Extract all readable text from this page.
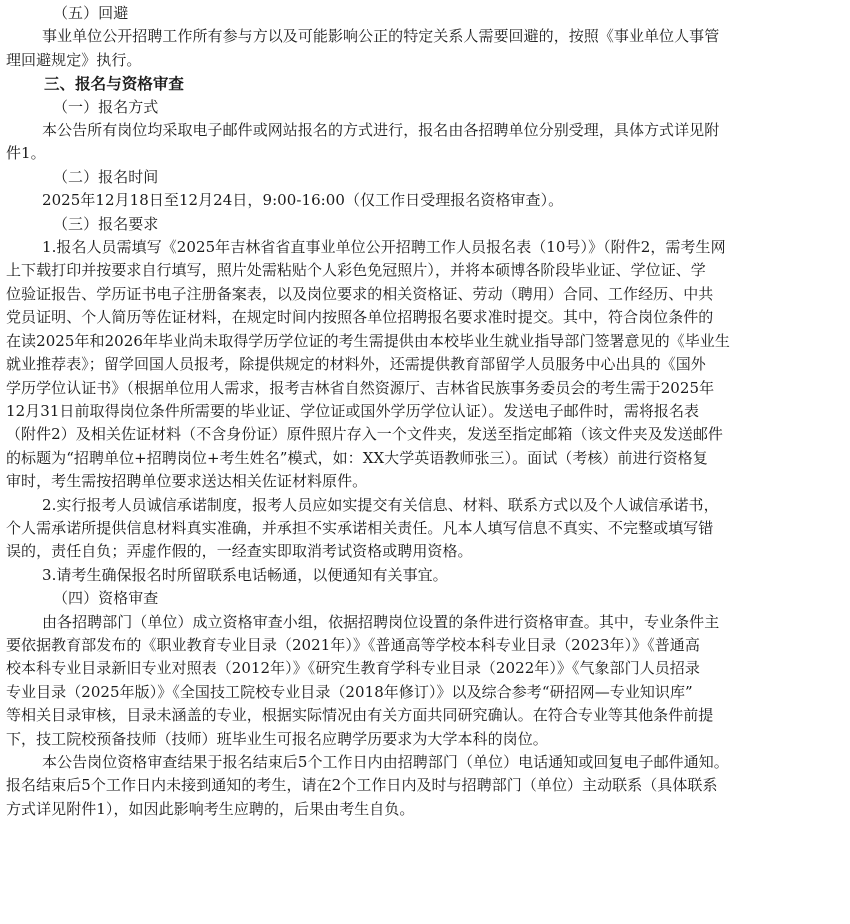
（五）回避
事业单位公开招聘工作所有参与方以及可能影响公正的特定关系人需要回避的，按照《事业单位人事管
理回避规定》执行。
三、报名与资格审查
（一）报名方式
本公告所有岗位均采取电子邮件或网站报名的方式进行，报名由各招聘单位分别受理，具体方式详见附
件1。
（二）报名时间
2025年12月18日至12月24日，9:00-16:00（仅工作日受理报名资格审查）。
（三）报名要求
1.报名人员需填写《2025年吉林省省直事业单位公开招聘工作人员报名表（10号）》（附件2，需考生网
上下载打印并按要求自行填写，照片处需粘贴个人彩色免冠照片），并将本硕博各阶段毕业证、学位证、学
位验证报告、学历证书电子注册备案表，以及岗位要求的相关资格证、劳动（聘用）合同、工作经历、中共
党员证明、个人简历等佐证材料，在规定时间内按照各单位招聘报名要求准时提交。其中，符合岗位条件的
在读2025年和2026年毕业尚未取得学历学位证的考生需提供由本校毕业生就业指导部门签署意见的《毕业生
就业推荐表》；留学回国人员报考，除提供规定的材料外，还需提供教育部留学人员服务中心出具的《国外
学历学位认证书》（根据单位用人需求，报考吉林省自然资源厅、吉林省民族事务委员会的考生需于2025年
12月31日前取得岗位条件所需要的毕业证、学位证或国外学历学位认证）。发送电子邮件时，需将报名表
（附件2）及相关佐证材料（不含身份证）原件照片存入一个文件夹，发送至指定邮箱（该文件夹及发送邮件
的标题为“招聘单位+招聘岗位+考生姓名”模式，如：XX大学英语教师张三）。面试（考核）前进行资格复
审时，考生需按招聘单位要求送达相关佐证材料原件。
2.实行报考人员诚信承诺制度，报考人员应如实提交有关信息、材料、联系方式以及个人诚信承诺书，
个人需承诺所提供信息材料真实准确，并承担不实承诺相关责任。凡本人填写信息不真实、不完整或填写错
误的，责任自负；弄虚作假的，一经查实即取消考试资格或聘用资格。
3.请考生确保报名时所留联系电话畅通，以便通知有关事宜。
（四）资格审查
由各招聘部门（单位）成立资格审查小组，依据招聘岗位设置的条件进行资格审查。其中，专业条件主
要依据教育部发布的《职业教育专业目录（2021年）》《普通高等学校本科专业目录（2023年）》《普通高
校本科专业目录新旧专业对照表（2012年）》《研究生教育学科专业目录（2022年）》《气象部门人员招录
专业目录（2025年版）》《全国技工院校专业目录（2018年修订）》以及综合参考“研招网—专业知识库”
等相关目录审核，目录未涵盖的专业，根据实际情况由有关方面共同研究确认。在符合专业等其他条件前提
下，技工院校预备技师（技师）班毕业生可报名应聘学历要求为大学本科的岗位。
本公告岗位资格审查结果于报名结束后5个工作日内由招聘部门（单位）电话通知或回复电子邮件通知。
报名结束后5个工作日内未接到通知的考生，请在2个工作日内及时与招聘部门（单位）主动联系（具体联系
方式详见附件1），如因此影响考生应聘的，后果由考生自负。
